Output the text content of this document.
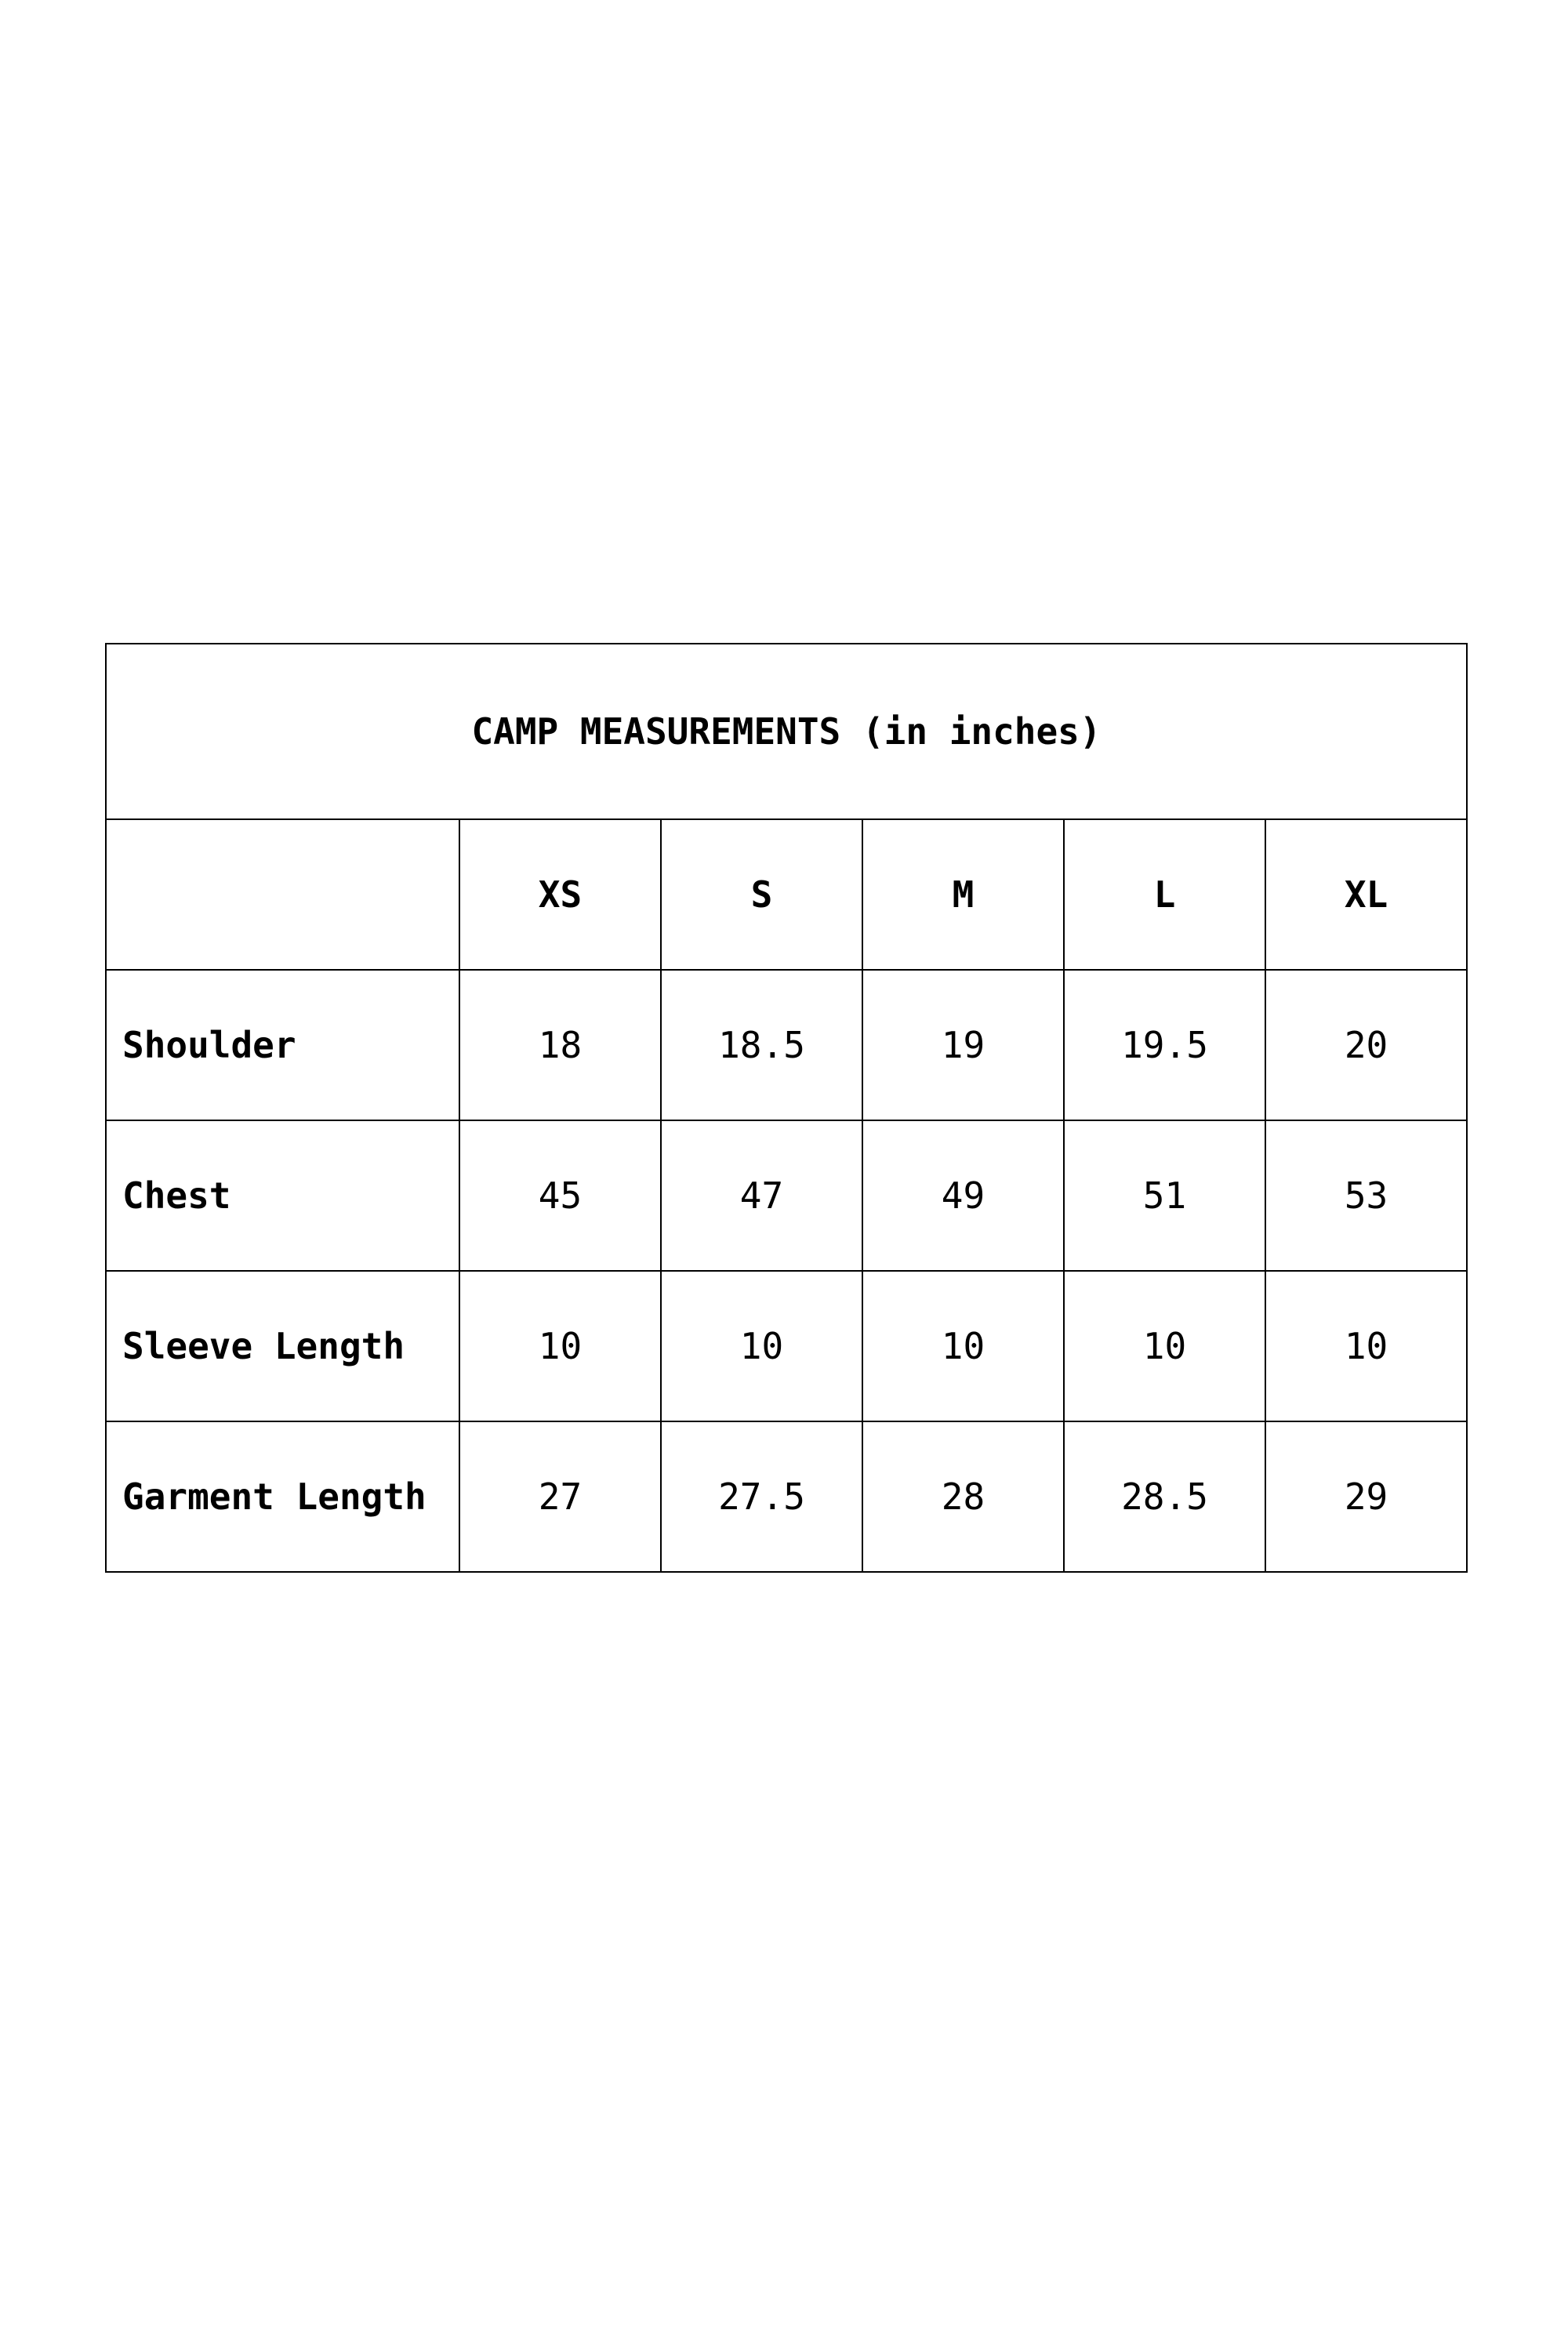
CAMP MEASUREMENTS (in inches)					
	XS	S	M	L	XL
Shoulder	18	18.5	19	19.5	20
Chest	45	47	49	51	53
Sleeve Length	10	10	10	10	10
Garment Length	27	27.5	28	28.5	29
